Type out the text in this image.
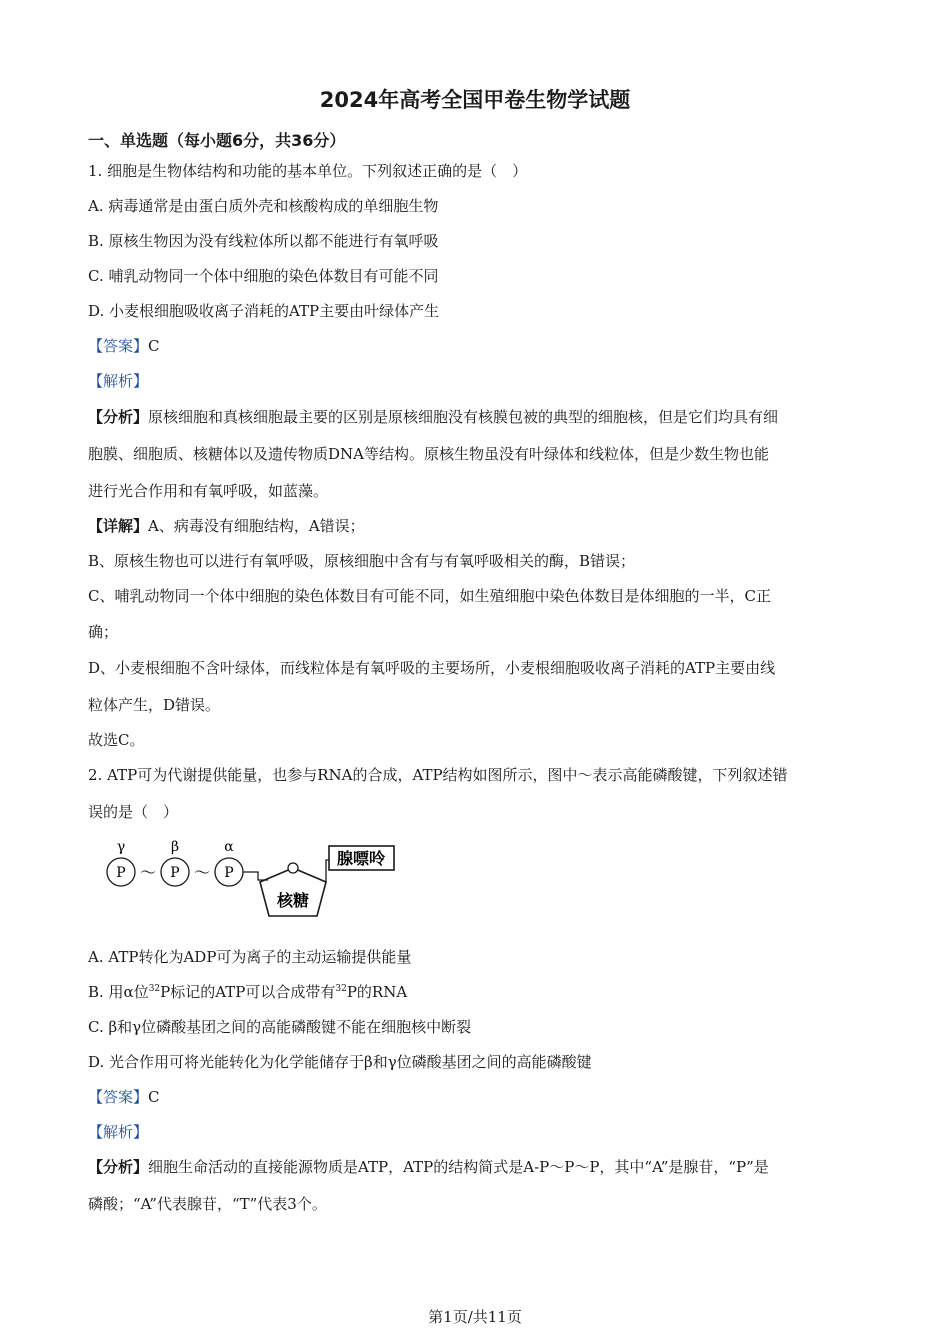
2024年高考全国甲卷生物学试题
一、单选题（每小题6分，共36分）
1. 细胞是生物体结构和功能的基本单位。下列叙述正确的是（　）
A. 病毒通常是由蛋白质外壳和核酸构成的单细胞生物
B. 原核生物因为没有线粒体所以都不能进行有氧呼吸
C. 哺乳动物同一个体中细胞的染色体数目有可能不同
D. 小麦根细胞吸收离子消耗的ATP主要由叶绿体产生
【答案】C
【解析】
【分析】原核细胞和真核细胞最主要的区别是原核细胞没有核膜包被的典型的细胞核，但是它们均具有细
胞膜、细胞质、核糖体以及遗传物质DNA等结构。原核生物虽没有叶绿体和线粒体，但是少数生物也能
进行光合作用和有氧呼吸，如蓝藻。
【详解】A、病毒没有细胞结构，A错误；
B、原核生物也可以进行有氧呼吸，原核细胞中含有与有氧呼吸相关的酶，B错误；
C、哺乳动物同一个体中细胞的染色体数目有可能不同，如生殖细胞中染色体数目是体细胞的一半，C正
确；
D、小麦根细胞不含叶绿体，而线粒体是有氧呼吸的主要场所，小麦根细胞吸收离子消耗的ATP主要由线
粒体产生，D错误。
故选C。
2. ATP可为代谢提供能量，也参与RNA的合成，ATP结构如图所示，图中～表示高能磷酸键，下列叙述错
误的是（　）
γ	β	α
P	P	P
～ ～
核糖
腺嘌呤
A. ATP转化为ADP可为离子的主动运输提供能量
B. 用α位$^{32}$P标记的ATP可以合成带有$^{32}$P的RNA
C. β和γ位磷酸基团之间的高能磷酸键不能在细胞核中断裂
D. 光合作用可将光能转化为化学能储存于β和γ位磷酸基团之间的高能磷酸键
【答案】C
【解析】
【分析】细胞生命活动的直接能源物质是ATP，ATP的结构简式是A-P～P～P，其中“A”是腺苷，“P”是
磷酸；“A”代表腺苷，“T”代表3个。
第1页/共11页
